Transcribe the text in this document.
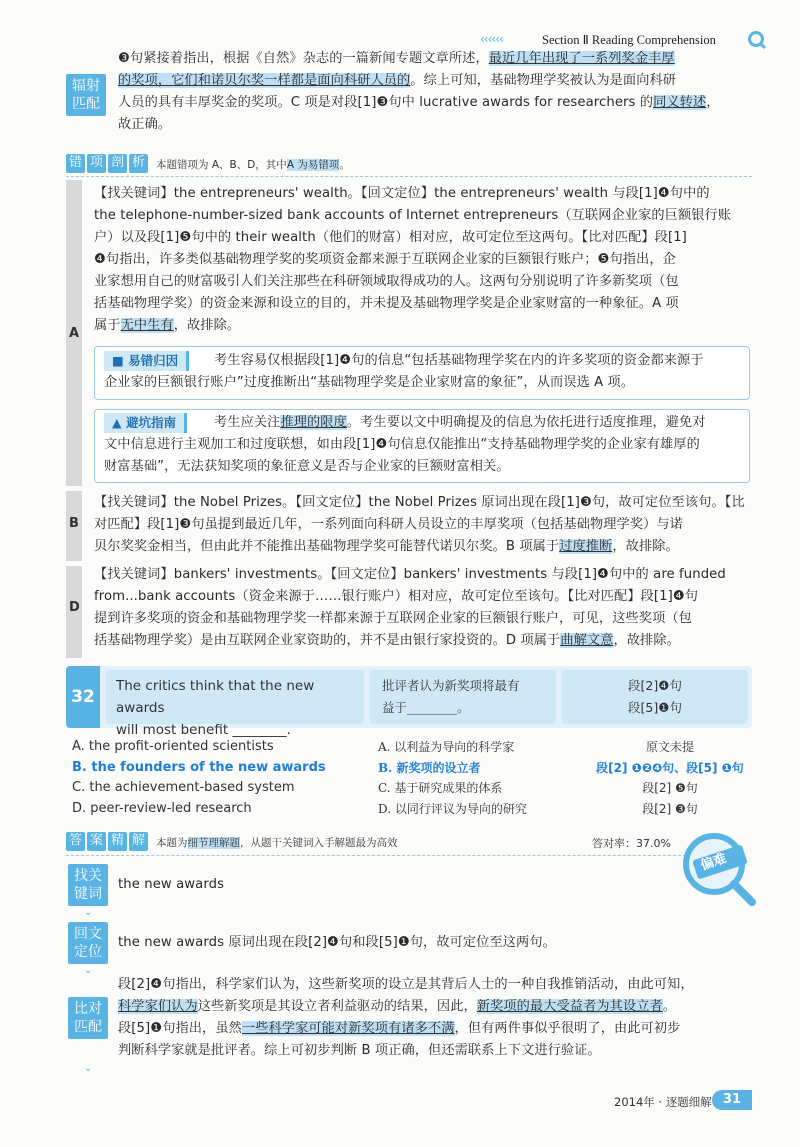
‹‹‹‹‹‹	Section Ⅱ Reading Comprehension
辐射
匹配
❸句紧接着指出，根据《自然》杂志的一篇新闻专题文章所述，最近几年出现了一系列奖金丰厚
的奖项，它们和诺贝尔奖一样都是面向科研人员的。综上可知，基础物理学奖被认为是面向科研
人员的具有丰厚奖金的奖项。C 项是对段[1]❸句中 lucrative awards for researchers 的同义转述，
故正确。
错 项 剖 析 本题错项为 A、B、D，其中A 为易错项。
A
【找关键词】the entrepreneurs' wealth。【回文定位】the entrepreneurs' wealth 与段[1]❹句中的
the telephone-number-sized bank accounts of Internet entrepreneurs（互联网企业家的巨额银行账
户）以及段[1]❺句中的 their wealth（他们的财富）相对应，故可定位至这两句。【比对匹配】段[1]
❹句指出，许多类似基础物理学奖的奖项资金都来源于互联网企业家的巨额银行账户；❺句指出，企
业家想用自己的财富吸引人们关注那些在科研领域取得成功的人。这两句分别说明了许多新奖项（包
括基础物理学奖）的资金来源和设立的目的，并未提及基础物理学奖是企业家财富的一种象征。A 项
属于无中生有，故排除。
■ 易错归因	考生容易仅根据段[1]❹句的信息“包括基础物理学奖在内的许多奖项的资金都来源于
企业家的巨额银行账户”过度推断出“基础物理学奖是企业家财富的象征”，从而误选 A 项。
▲ 避坑指南	考生应关注推理的限度。考生要以文中明确提及的信息为依托进行适度推理，避免对
文中信息进行主观加工和过度联想，如由段[1]❹句信息仅能推出“支持基础物理学奖的企业家有雄厚的
财富基础”，无法获知奖项的象征意义是否与企业家的巨额财富相关。
B
【找关键词】the Nobel Prizes。【回文定位】the Nobel Prizes 原词出现在段[1]❸句，故可定位至该句。【比
对匹配】段[1]❸句虽提到最近几年，一系列面向科研人员设立的丰厚奖项（包括基础物理学奖）与诺
贝尔奖奖金相当，但由此并不能推出基础物理学奖可能替代诺贝尔奖。B 项属于过度推断，故排除。
D
【找关键词】bankers' investments。【回文定位】bankers' investments 与段[1]❹句中的 are funded
from...bank accounts（资金来源于……银行账户）相对应，故可定位至该句。【比对匹配】段[1]❹句
提到许多奖项的资金和基础物理学奖一样都来源于互联网企业家的巨额银行账户，可见，这些奖项（包
括基础物理学奖）是由互联网企业家资助的，并不是由银行家投资的。D 项属于曲解文意，故排除。
32
The critics think that the new awards
will most benefit ________.
批评者认为新奖项将最有
益于________。
段[2]❹句
段[5]❶句
A. the profit-oriented scientists	A. 以利益为导向的科学家	原文未提
B. the founders of the new awards	B. 新奖项的设立者	段[2] ❶❷❹句、段[5] ❶句
C. the achievement-based system	C. 基于研究成果的体系	段[2] ❺句
D. peer-review-led research	D. 以同行评议为导向的研究	段[2] ❸句
答 案 精 解 本题为细节理解题，从题干关键词入手解题最为高效	答对率：37.0%
偏难
找关
键词
⌄
the new awards
回文
定位
⌄
the new awards 原词出现在段[2]❹句和段[5]❶句，故可定位至这两句。
比对
匹配
⌄
段[2]❹句指出，科学家们认为，这些新奖项的设立是其背后人士的一种自我推销活动，由此可知，
科学家们认为这些新奖项是其设立者利益驱动的结果，因此，新奖项的最大受益者为其设立者。
段[5]❶句指出，虽然一些科学家可能对新奖项有诸多不满，但有两件事似乎很明了，由此可初步
判断科学家就是批评者。综上可初步判断 B 项正确，但还需联系上下文进行验证。
2014年 · 逐题细解 31
